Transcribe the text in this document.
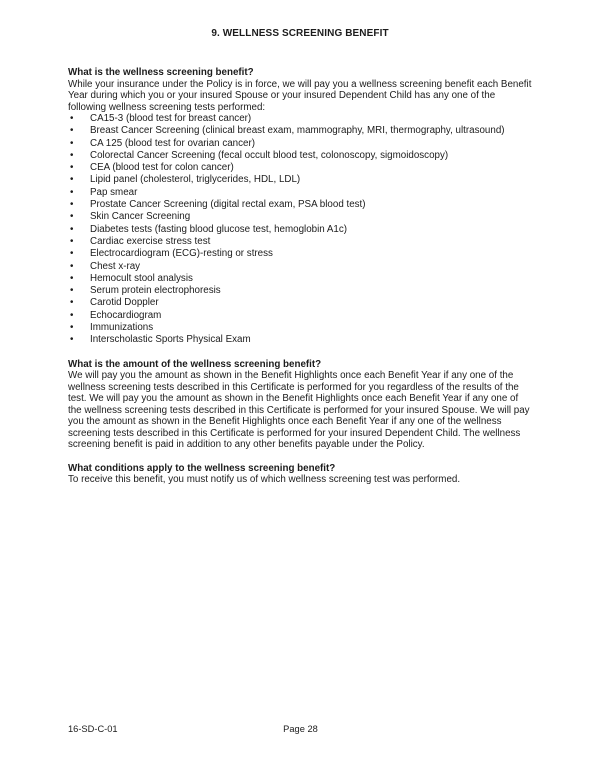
9. WELLNESS SCREENING BENEFIT
What is the wellness screening benefit?

While your insurance under the Policy is in force, we will pay you a wellness screening benefit each Benefit Year during which you or your insured Spouse or your insured Dependent Child has any one of the following wellness screening tests performed:

• CA15-3 (blood test for breast cancer)
• Breast Cancer Screening (clinical breast exam, mammography, MRI, thermography, ultrasound)
• CA 125 (blood test for ovarian cancer)
• Colorectal Cancer Screening (fecal occult blood test, colonoscopy, sigmoidoscopy)
• CEA (blood test for colon cancer)
• Lipid panel (cholesterol, triglycerides, HDL, LDL)
• Pap smear
• Prostate Cancer Screening (digital rectal exam, PSA blood test)
• Skin Cancer Screening
• Diabetes tests (fasting blood glucose test, hemoglobin A1c)
• Cardiac exercise stress test
• Electrocardiogram (ECG)-resting or stress
• Chest x-ray
• Hemocult stool analysis
• Serum protein electrophoresis
• Carotid Doppler
• Echocardiogram
• Immunizations
• Interscholastic Sports Physical Exam
What is the amount of the wellness screening benefit?

We will pay you the amount as shown in the Benefit Highlights once each Benefit Year if any one of the wellness screening tests described in this Certificate is performed for you regardless of the results of the test. We will pay you the amount as shown in the Benefit Highlights once each Benefit Year if any one of the wellness screening tests described in this Certificate is performed for your insured Spouse. We will pay you the amount as shown in the Benefit Highlights once each Benefit Year if any one of the wellness screening tests described in this Certificate is performed for your insured Dependent Child. The wellness screening benefit is paid in addition to any other benefits payable under the Policy.

What conditions apply to the wellness screening benefit?

To receive this benefit, you must notify us of which wellness screening test was performed.

16-SD-C-01	Page 28
